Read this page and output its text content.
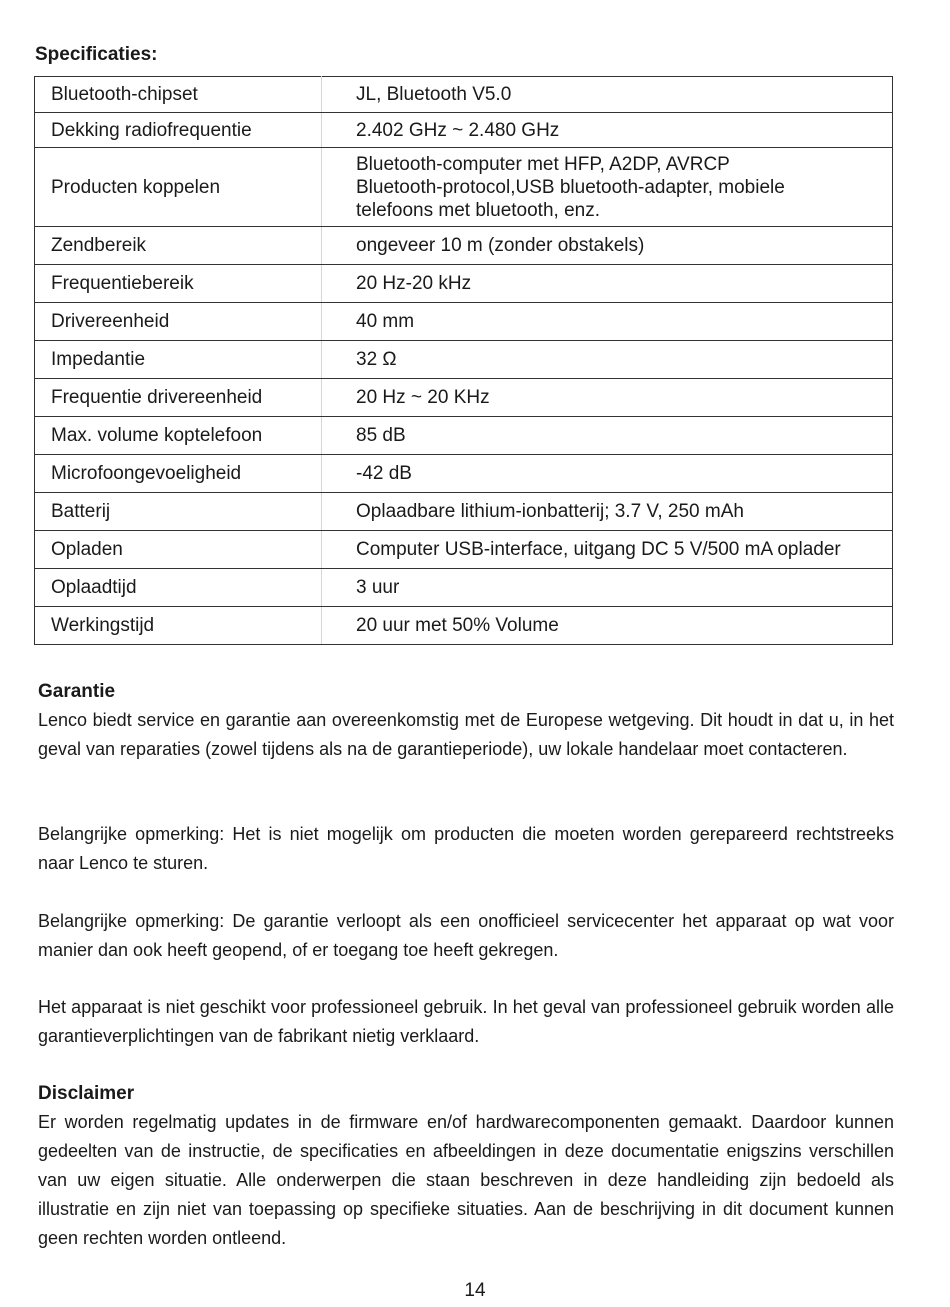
Specificaties:
Bluetooth-chipset	JL, Bluetooth V5.0
Dekking radiofrequentie	2.402 GHz ~ 2.480 GHz
Producten koppelen	Bluetooth-computer met HFP, A2DP, AVRCP
Bluetooth-protocol,USB bluetooth-adapter, mobiele
telefoons met bluetooth, enz.

Zendbereik	ongeveer 10 m (zonder obstakels)
Frequentiebereik	20 Hz-20 kHz
Drivereenheid	40 mm
Impedantie	32 Ω
Frequentie drivereenheid	20 Hz ~ 20 KHz
Max. volume koptelefoon	85 dB
Microfoongevoeligheid	-42 dB
Batterij	Oplaadbare lithium-ionbatterij; 3.7 V, 250 mAh
Opladen	Computer USB-interface, uitgang DC 5 V/500 mA oplader
Oplaadtijd	3 uur
Werkingstijd	20 uur met 50% Volume
Garantie

Lenco biedt service en garantie aan overeenkomstig met de Europese wetgeving. Dit houdt in dat u, in het geval van reparaties (zowel tijdens als na de garantieperiode), uw lokale handelaar moet contacteren.

Belangrijke opmerking: Het is niet mogelijk om producten die moeten worden gerepareerd rechtstreeks naar Lenco te sturen.

Belangrijke opmerking: De garantie verloopt als een onofficieel servicecenter het apparaat op wat voor manier dan ook heeft geopend, of er toegang toe heeft gekregen.

Het apparaat is niet geschikt voor professioneel gebruik. In het geval van professioneel gebruik worden alle garantieverplichtingen van de fabrikant nietig verklaard.

Disclaimer

Er worden regelmatig updates in de firmware en/of hardwarecomponenten gemaakt. Daardoor kunnen gedeelten van de instructie, de specificaties en afbeeldingen in deze documentatie enigszins verschillen van uw eigen situatie. Alle onderwerpen die staan beschreven in deze handleiding zijn bedoeld als illustratie en zijn niet van toepassing op specifieke situaties. Aan de beschrijving in dit document kunnen geen rechten worden ontleend.

14
